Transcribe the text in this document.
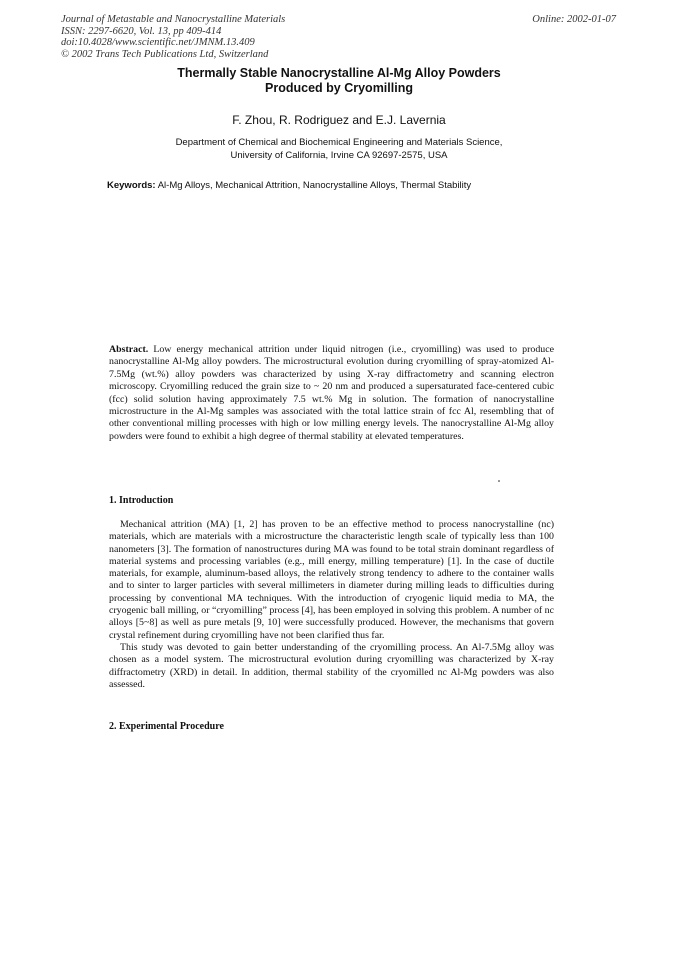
Journal of Metastable and Nanocrystalline Materials
ISSN: 2297-6620, Vol. 13, pp 409-414
doi:10.4028/www.scientific.net/JMNM.13.409
© 2002 Trans Tech Publications Ltd, Switzerland
Online: 2002-01-07
Thermally Stable Nanocrystalline Al-Mg Alloy Powders
Produced by Cryomilling
F. Zhou, R. Rodriguez and E.J. Lavernia
Department of Chemical and Biochemical Engineering and Materials Science,
University of California, Irvine CA 92697-2575, USA
Keywords: Al-Mg Alloys, Mechanical Attrition, Nanocrystalline Alloys, Thermal Stability
Abstract. Low energy mechanical attrition under liquid nitrogen (i.e., cryomilling) was used to produce nanocrystalline Al-Mg alloy powders. The microstructural evolution during cryomilling of spray-atomized Al-7.5Mg (wt.%) alloy powders was characterized by using X-ray diffractometry and scanning electron microscopy. Cryomilling reduced the grain size to ~ 20 nm and produced a supersaturated face-centered cubic (fcc) solid solution having approximately 7.5 wt.% Mg in solution. The formation of nanocrystalline microstructure in the Al-Mg samples was associated with the total lattice strain of fcc Al, resembling that of other conventional milling processes with high or low milling energy levels. The nanocrystalline Al-Mg alloy powders were found to exhibit a high degree of thermal stability at elevated temperatures.
1. Introduction

Mechanical attrition (MA) [1, 2] has proven to be an effective method to process nanocrystalline (nc) materials, which are materials with a microstructure the characteristic length scale of typically less than 100 nanometers [3]. The formation of nanostructures during MA was found to be total strain dominant regardless of material systems and processing variables (e.g., mill energy, milling temperature) [1]. In the case of ductile materials, for example, aluminum-based alloys, the relatively strong tendency to adhere to the container walls and to sinter to larger particles with several millimeters in diameter during milling leads to difficulties during processing by conventional MA techniques. With the introduction of cryogenic liquid media to MA, the cryogenic ball milling, or “cryomilling” process [4], has been employed in solving this problem. A number of nc alloys [5~8] as well as pure metals [9, 10] were successfully produced. However, the mechanisms that govern crystal refinement during cryomilling have not been clarified thus far.

This study was devoted to gain better understanding of the cryomilling process. An Al-7.5Mg alloy was chosen as a model system. The microstructural evolution during cryomilling was characterized by X-ray diffractometry (XRD) in detail. In addition, thermal stability of the cryomilled nc Al-Mg powders was also assessed.

2. Experimental Procedure
